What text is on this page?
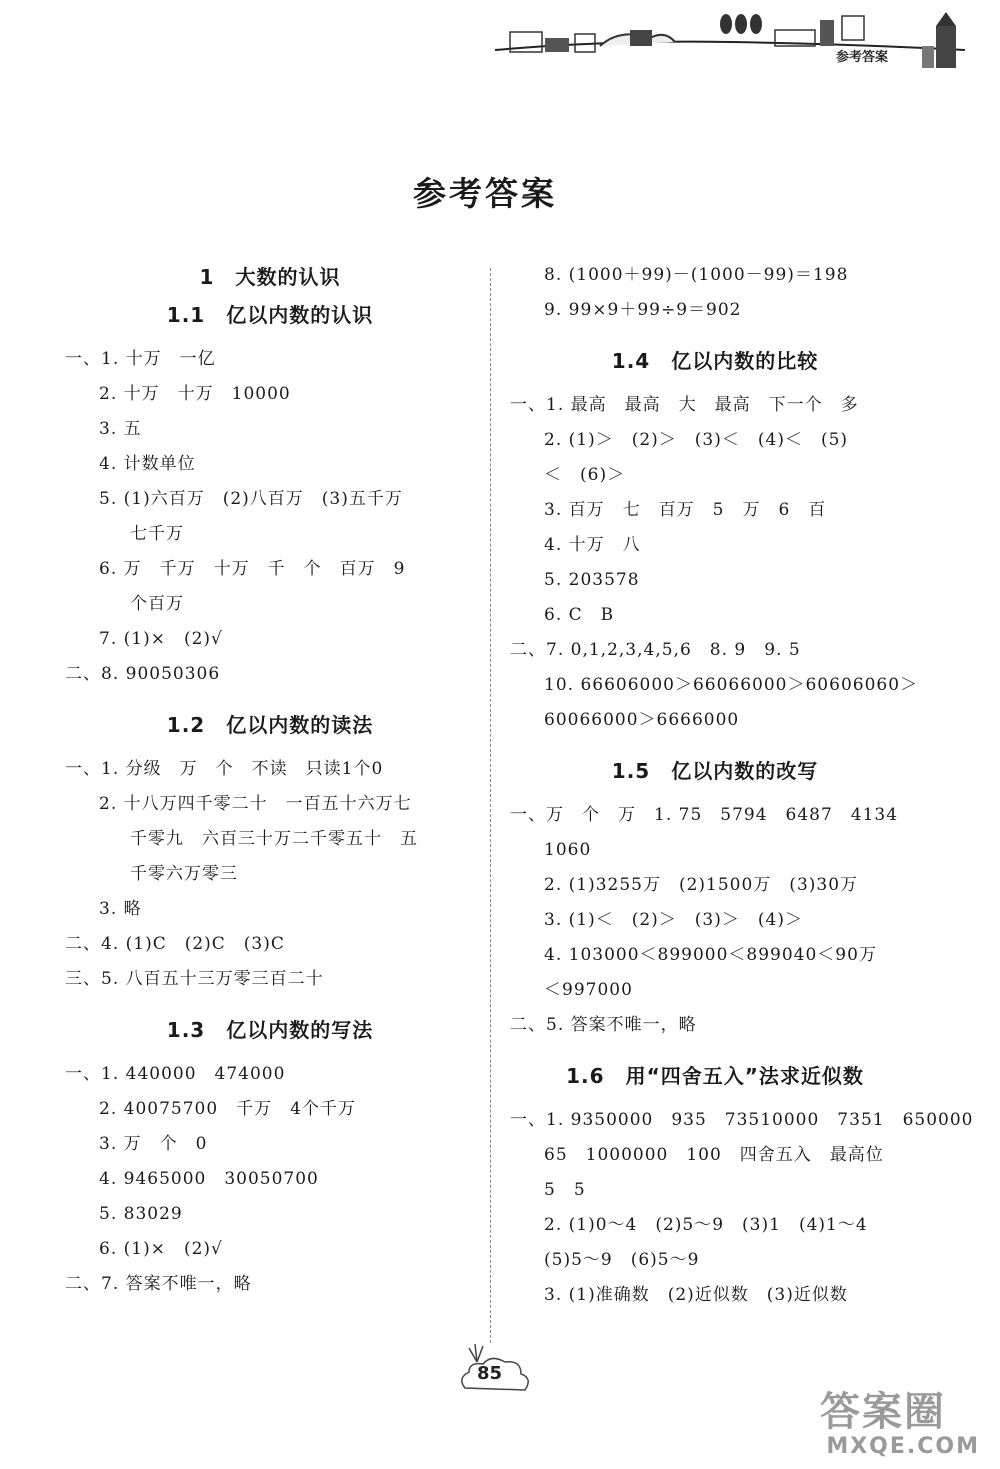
参考答案
参考答案
1　大数的认识
1.1　亿以内数的认识
一、1. 十万　一亿
2. 十万　十万　10000
3. 五
4. 计数单位
5. (1)六百万　(2)八百万　(3)五千万
七千万
6. 万　千万　十万　千　个　百万　9
个百万
7. (1)×　(2)√
二、8. 90050306
1.2　亿以内数的读法
一、1. 分级　万　个　不读　只读1个0
2. 十八万四千零二十　一百五十六万七
千零九　六百三十万二千零五十　五
千零六万零三
3. 略
二、4. (1)C　(2)C　(3)C
三、5. 八百五十三万零三百二十
1.3　亿以内数的写法
一、1. 440000　474000
2. 40075700　千万　4个千万
3. 万　个　0
4. 9465000　30050700
5. 83029
6. (1)×　(2)√
二、7. 答案不唯一，略
8. (1000＋99)－(1000－99)＝198
9. 99×9＋99÷9＝902
1.4　亿以内数的比较
一、1. 最高　最高　大　最高　下一个　多
2. (1)＞　(2)＞　(3)＜　(4)＜　(5)
＜　(6)＞
3. 百万　七　百万　5　万　6　百
4. 十万　八
5. 203578
6. C　B
二、7. 0,1,2,3,4,5,6　8. 9　9. 5
10. 66606000＞66066000＞60606060＞
60066000＞6666000
1.5　亿以内数的改写
一、万　个　万　1. 75　5794　6487　4134
1060
2. (1)3255万　(2)1500万　(3)30万
3. (1)＜　(2)＞　(3)＞　(4)＞
4. 103000＜899000＜899040＜90万
＜997000
二、5. 答案不唯一，略
1.6　用“四舍五入”法求近似数
一、1. 9350000　935　73510000　7351　650000
65　1000000　100　四舍五入　最高位
5　5
2. (1)0～4　(2)5～9　(3)1　(4)1～4
(5)5～9　(6)5～9
3. (1)准确数　(2)近似数　(3)近似数
85
答案圈
MXQE.COM
